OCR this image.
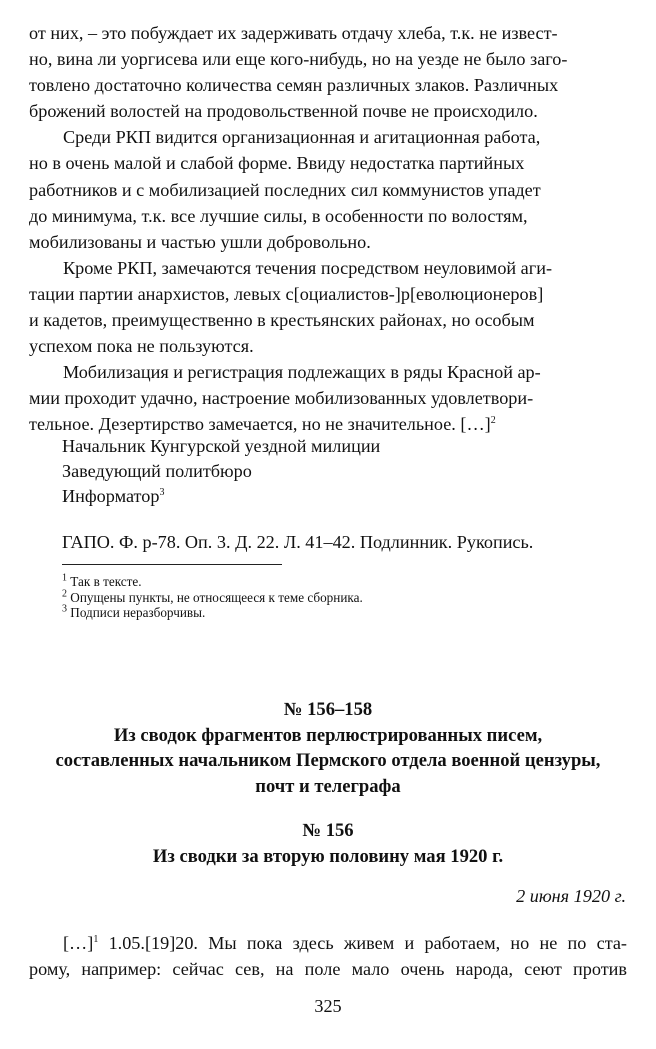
от них, – это побуждает их задерживать отдачу хлеба, т.к. не извест-
но, вина ли уоргисева или еще кого-нибудь, но на уезде не было заго-
товлено достаточно количества семян различных злаков. Различных
брожений волостей на продовольственной почве не происходило.

Среди РКП видится организационная и агитационная работа,
но в очень малой и слабой форме. Ввиду недостатка партийных
работников и с мобилизацией последних сил коммунистов упадет
до минимума, т.к. все лучшие силы, в особенности по волостям,
мобилизованы и частью ушли добровольно.

Кроме РКП, замечаются течения посредством неуловимой аги-
тации партии анархистов, левых с[оциалистов-]р[еволюционеров]
и кадетов, преимущественно в крестьянских районах, но особым
успехом пока не пользуются.

Мобилизация и регистрация подлежащих в ряды Красной ар-
мии проходит удачно, настроение мобилизованных удовлетвори-
тельное. Дезертирство замечается, но не значительное. […]$^2$

Начальник Кунгурской уездной милиции
Заведующий политбюро
Информатор$^3$
ГАПО. Ф. р-78. Оп. 3. Д. 22. Л. 41–42. Подлинник. Рукопись.
$^1$ Так в тексте.
$^2$ Опущены пункты, не относящееся к теме сборника.
$^3$ Подписи неразборчивы.
№ 156–158
Из сводок фрагментов перлюстрированных писем,
составленных начальником Пермского отдела военной цензуры,
почт и телеграфа
№ 156
Из сводки за вторую половину мая 1920 г.
2 июня 1920 г.

[…]$^1$ 1.05.[19]20. Мы пока здесь живем и работаем, но не по ста-
рому, например: сейчас сев, на поле мало очень народа, сеют против

325
